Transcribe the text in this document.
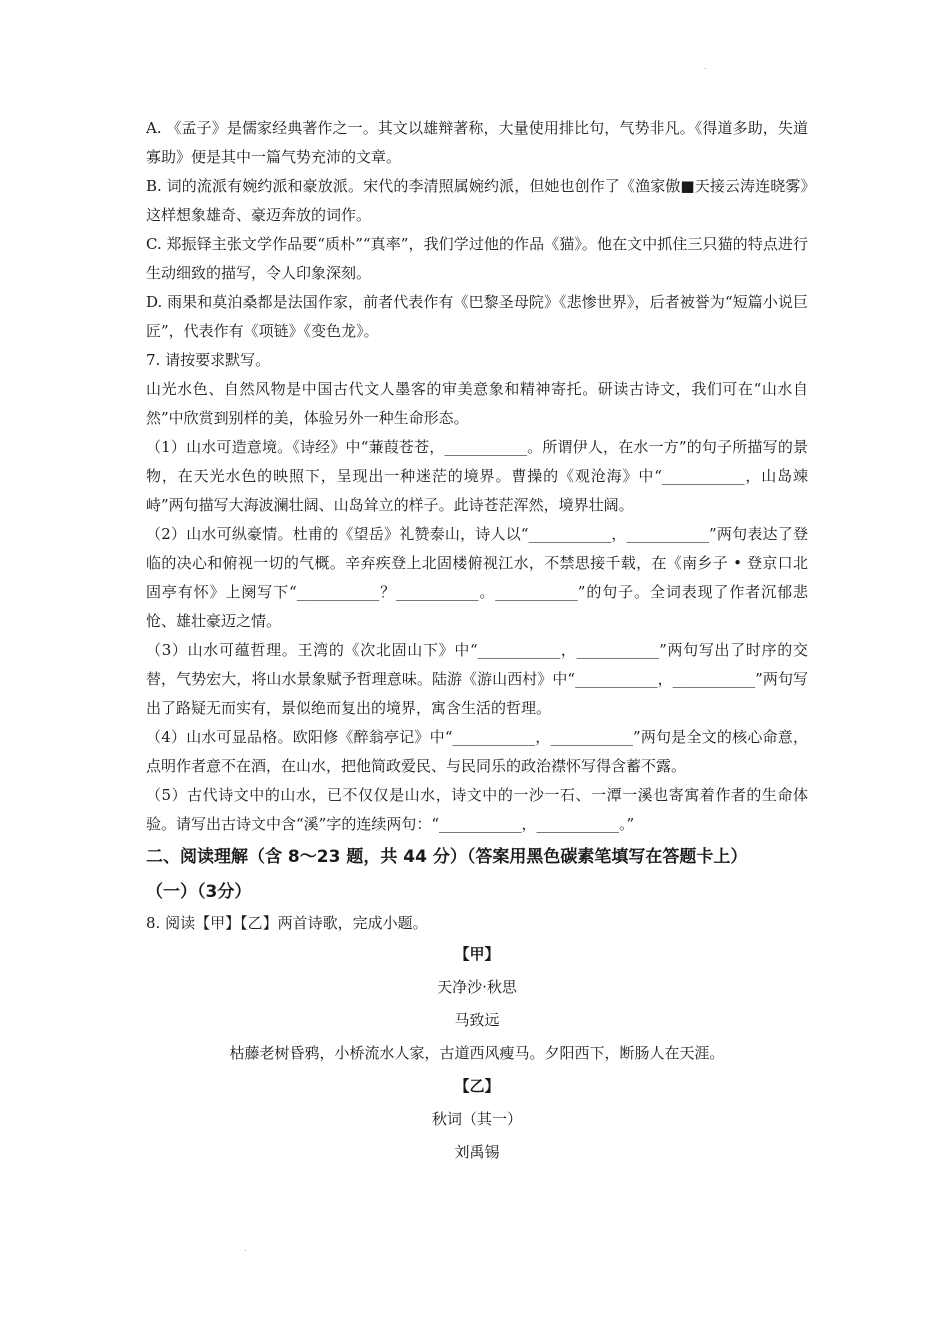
.
.

A. 《孟子》是儒家经典著作之一。其文以雄辩著称，大量使用排比句，气势非凡。《得道多助，失道寡助》便是其中一篇气势充沛的文章。

B. 词的流派有婉约派和豪放派。宋代的李清照属婉约派，但她也创作了《渔家傲■天接云涛连晓雾》这样想象雄奇、豪迈奔放的词作。

C. 郑振铎主张文学作品要“质朴”“真率”，我们学过他的作品《猫》。他在文中抓住三只猫的特点进行生动细致的描写，令人印象深刻。

D. 雨果和莫泊桑都是法国作家，前者代表作有《巴黎圣母院》《悲惨世界》，后者被誉为“短篇小说巨匠”，代表作有《项链》《变色龙》。

7. 请按要求默写。

山光水色、自然风物是中国古代文人墨客的审美意象和精神寄托。研读古诗文，我们可在“山水自然”中欣赏到别样的美，体验另外一种生命形态。

（1）山水可造意境。《诗经》中“蒹葭苍苍，___________。所谓伊人，在水一方”的句子所描写的景物，在天光水色的映照下，呈现出一种迷茫的境界。曹操的《观沧海》中“___________，山岛竦峙”两句描写大海波澜壮阔、山岛耸立的样子。此诗苍茫浑然，境界壮阔。

（2）山水可纵豪情。杜甫的《望岳》礼赞泰山，诗人以“___________，___________”两句表达了登临的决心和俯视一切的气概。辛弃疾登上北固楼俯视江水，不禁思接千载，在《南乡子 • 登京口北固亭有怀》上阕写下“___________？___________。___________”的句子。全词表现了作者沉郁悲怆、雄壮豪迈之情。

（3）山水可蕴哲理。王湾的《次北固山下》中“___________，___________”两句写出了时序的交替，气势宏大，将山水景象赋予哲理意味。陆游《游山西村》中“___________，___________”两句写出了路疑无而实有，景似绝而复出的境界，寓含生活的哲理。

（4）山水可显品格。欧阳修《醉翁亭记》中“___________，___________”两句是全文的核心命意，点明作者意不在酒，在山水，把他简政爱民、与民同乐的政治襟怀写得含蓄不露。

（5）古代诗文中的山水，已不仅仅是山水，诗文中的一沙一石、一潭一溪也寄寓着作者的生命体验。请写出古诗文中含“溪”字的连续两句：“___________，___________。”

二、阅读理解（含 8～23 题，共 44 分）（答案用黑色碳素笔填写在答题卡上）

（一）（3分）

8. 阅读【甲】【乙】两首诗歌，完成小题。

【甲】

天净沙·秋思

马致远

枯藤老树昏鸦，小桥流水人家，古道西风瘦马。夕阳西下，断肠人在天涯。

【乙】

秋词（其一）

刘禹锡
